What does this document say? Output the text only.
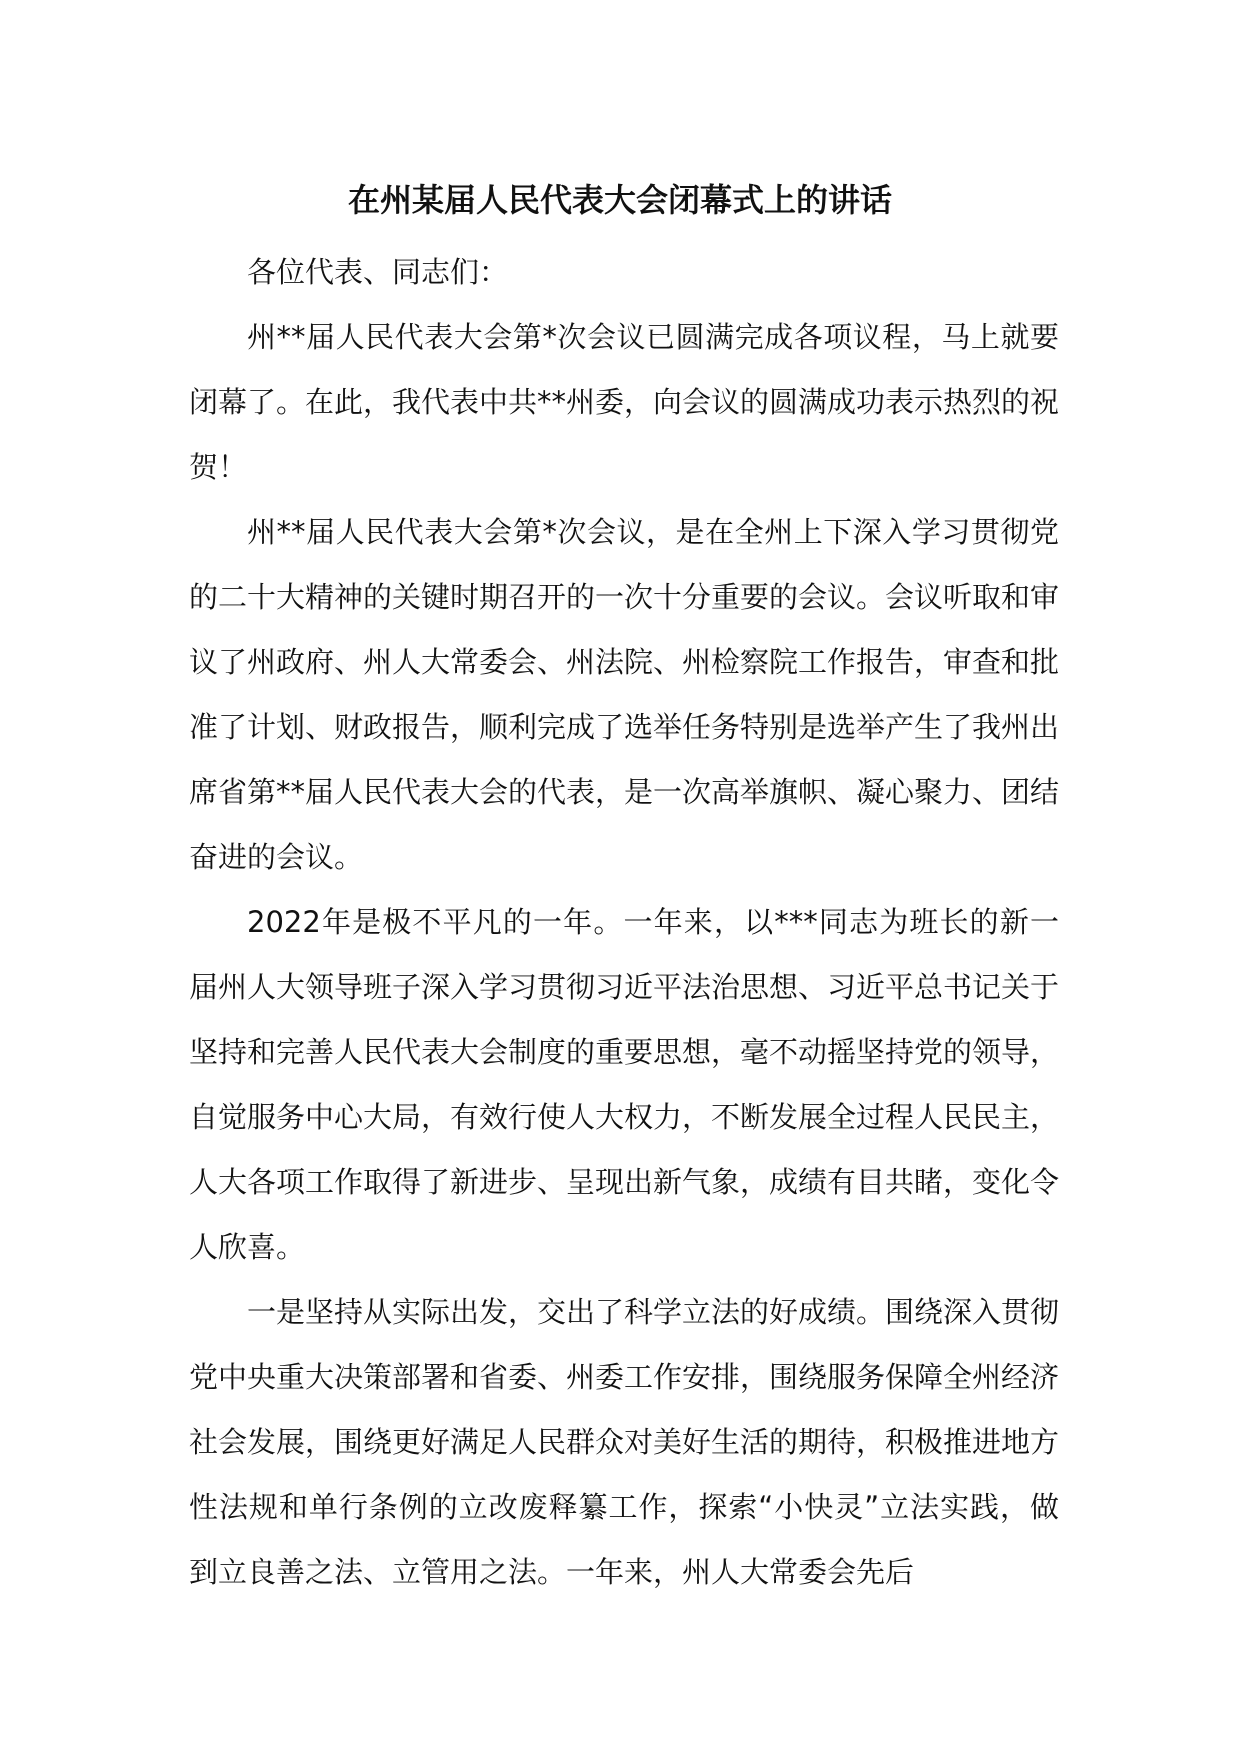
在州某届人民代表大会闭幕式上的讲话

各位代表、同志们：

州**届人民代表大会第*次会议已圆满完成各项议程，马上就要闭幕了。在此，我代表中共**州委，向会议的圆满成功表示热烈的祝贺！

州**届人民代表大会第*次会议，是在全州上下深入学习贯彻党的二十大精神的关键时期召开的一次十分重要的会议。会议听取和审议了州政府、州人大常委会、州法院、州检察院工作报告，审查和批准了计划、财政报告，顺利完成了选举任务特别是选举产生了我州出席省第**届人民代表大会的代表，是一次高举旗帜、凝心聚力、团结奋进的会议。

2022年是极不平凡的一年。一年来，以***同志为班长的新一届州人大领导班子深入学习贯彻习近平法治思想、习近平总书记关于坚持和完善人民代表大会制度的重要思想，毫不动摇坚持党的领导，自觉服务中心大局，有效行使人大权力，不断发展全过程人民民主，人大各项工作取得了新进步、呈现出新气象，成绩有目共睹，变化令人欣喜。

一是坚持从实际出发，交出了科学立法的好成绩。围绕深入贯彻党中央重大决策部署和省委、州委工作安排，围绕服务保障全州经济社会发展，围绕更好满足人民群众对美好生活的期待，积极推进地方性法规和单行条例的立改废释纂工作，探索“小快灵”立法实践，做到立良善之法、立管用之法。一年来，州人大常委会先后
